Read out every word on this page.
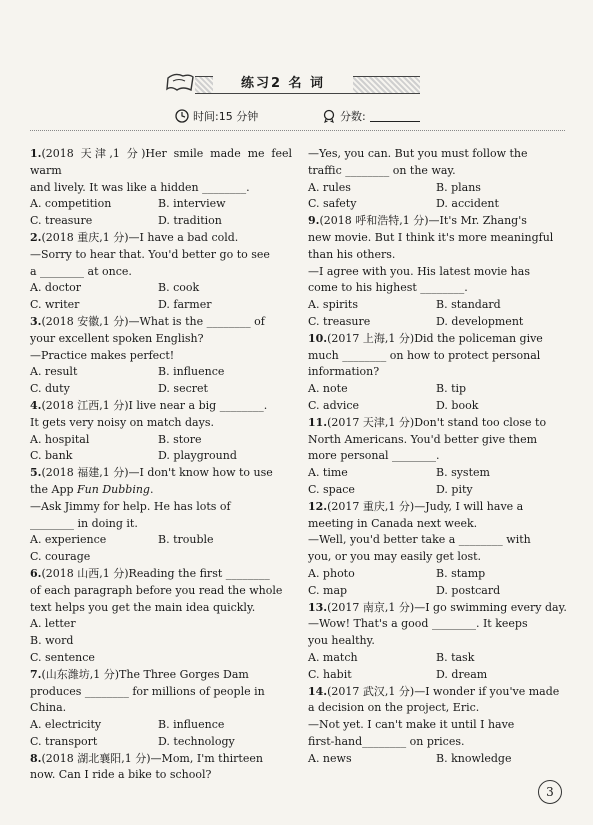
练习2 名 词
时间:15 分钟	分数:

1.(2018 天津,1 分)Her smile made me feel warm

and lively. It was like a hidden ________.

A. competition	B. interview
C. treasure	D. tradition

2.(2018 重庆,1 分)—I have a bad cold.

—Sorry to hear that. You'd better go to see

a ________ at once.

A. doctor	B. cook
C. writer	D. farmer

3.(2018 安徽,1 分)—What is the ________ of

your excellent spoken English?

—Practice makes perfect!

A. result	B. influence
C. duty	D. secret

4.(2018 江西,1 分)I live near a big ________.

It gets very noisy on match days.

A. hospital	B. store
C. bank	D. playground

5.(2018 福建,1 分)—I don't know how to use

the App Fun Dubbing.

—Ask Jimmy for help. He has lots of

________ in doing it.

A. experience	B. trouble
C. courage

6.(2018 山西,1 分)Reading the first ________

of each paragraph before you read the whole

text helps you get the main idea quickly.

A. letter
B. word
C. sentence

7.(山东潍坊,1 分)The Three Gorges Dam

produces ________ for millions of people in

China.

A. electricity	B. influence
C. transport	D. technology

8.(2018 湖北襄阳,1 分)—Mom, I'm thirteen

now. Can I ride a bike to school?

—Yes, you can. But you must follow the

traffic ________ on the way.

A. rules	B. plans
C. safety	D. accident

9.(2018 呼和浩特,1 分)—It's Mr. Zhang's

new movie. But I think it's more meaningful

than his others.

—I agree with you. His latest movie has

come to his highest ________.

A. spirits	B. standard
C. treasure	D. development

10.(2017 上海,1 分)Did the policeman give

much ________ on how to protect personal

information?

A. note	B. tip
C. advice	D. book

11.(2017 天津,1 分)Don't stand too close to

North Americans. You'd better give them

more personal ________.

A. time	B. system
C. space	D. pity

12.(2017 重庆,1 分)—Judy, I will have a

meeting in Canada next week.

—Well, you'd better take a ________ with

you, or you may easily get lost.

A. photo	B. stamp
C. map	D. postcard

13.(2017 南京,1 分)—I go swimming every day.

—Wow! That's a good ________. It keeps

you healthy.

A. match	B. task
C. habit	D. dream

14.(2017 武汉,1 分)—I wonder if you've made

a decision on the project, Eric.

—Not yet. I can't make it until I have

first-hand________ on prices.

A. news	B. knowledge
3
